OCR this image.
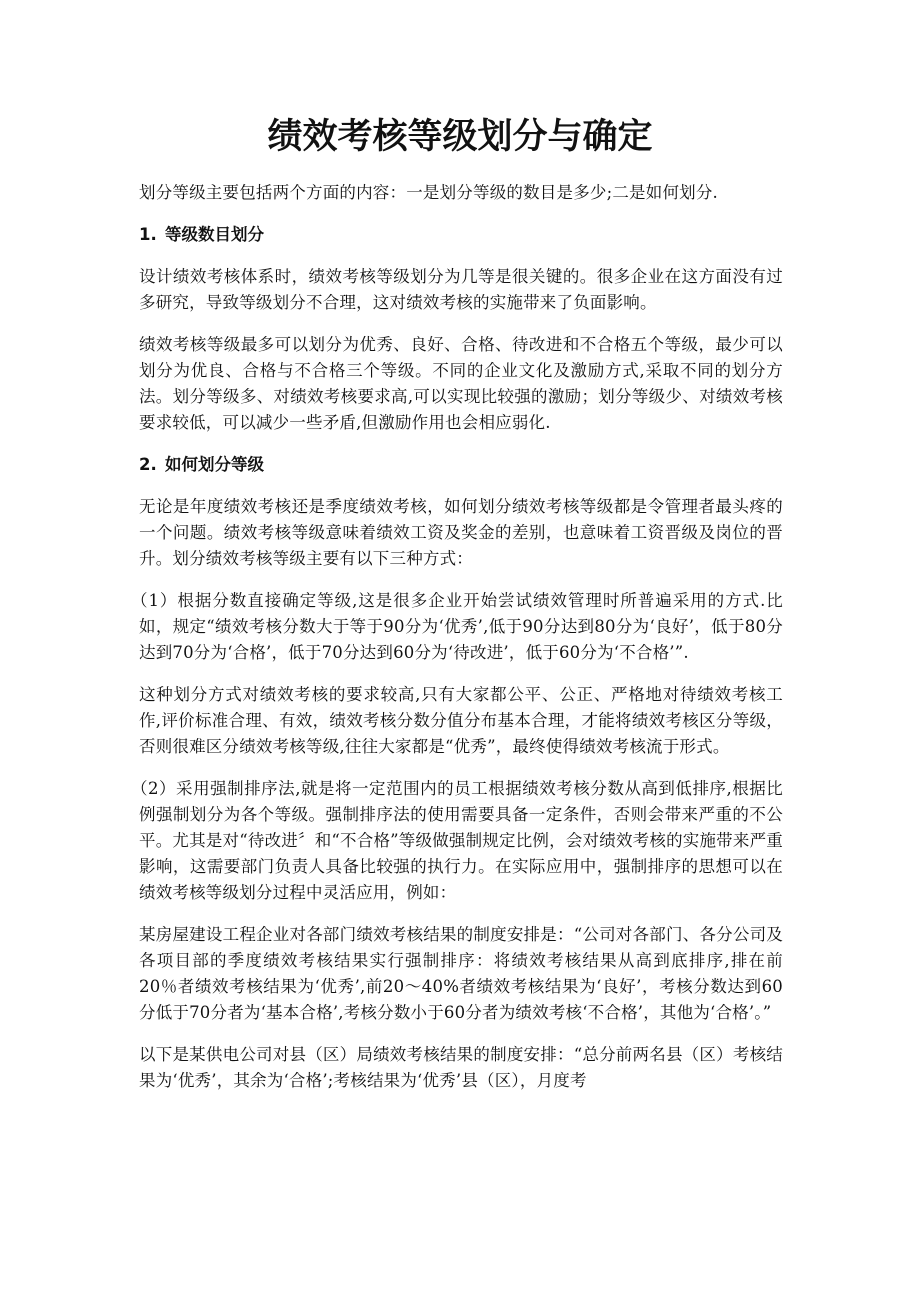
绩效考核等级划分与确定

划分等级主要包括两个方面的内容：一是划分等级的数目是多少;二是如何划分.

1. 等级数目划分

设计绩效考核体系时，绩效考核等级划分为几等是很关键的。很多企业在这方面没有过多研究，导致等级划分不合理，这对绩效考核的实施带来了负面影响。

绩效考核等级最多可以划分为优秀、良好、合格、待改进和不合格五个等级，最少可以划分为优良、合格与不合格三个等级。不同的企业文化及激励方式,采取不同的划分方法。划分等级多、对绩效考核要求高,可以实现比较强的激励；划分等级少、对绩效考核要求较低，可以减少一些矛盾,但激励作用也会相应弱化.

2. 如何划分等级

无论是年度绩效考核还是季度绩效考核，如何划分绩效考核等级都是令管理者最头疼的一个问题。绩效考核等级意味着绩效工资及奖金的差别，也意味着工资晋级及岗位的晋升。划分绩效考核等级主要有以下三种方式：

（1）根据分数直接确定等级,这是很多企业开始尝试绩效管理时所普遍采用的方式.比如，规定“绩效考核分数大于等于90分为‘优秀’,低于90分达到80分为‘良好’，低于80分达到70分为‘合格’，低于70分达到60分为‘待改进’，低于60分为‘不合格’”.

这种划分方式对绩效考核的要求较高,只有大家都公平、公正、严格地对待绩效考核工作,评价标准合理、有效，绩效考核分数分值分布基本合理，才能将绩效考核区分等级，否则很难区分绩效考核等级,往往大家都是“优秀”，最终使得绩效考核流于形式。

（2）采用强制排序法,就是将一定范围内的员工根据绩效考核分数从高到低排序,根据比例强制划分为各个等级。强制排序法的使用需要具备一定条件，否则会带来严重的不公平。尤其是对“待改进〞和“不合格”等级做强制规定比例，会对绩效考核的实施带来严重影响，这需要部门负责人具备比较强的执行力。在实际应用中，强制排序的思想可以在绩效考核等级划分过程中灵活应用，例如：

某房屋建设工程企业对各部门绩效考核结果的制度安排是：“公司对各部门、各分公司及各项目部的季度绩效考核结果实行强制排序：将绩效考核结果从高到底排序,排在前20％者绩效考核结果为‘优秀’,前20～40%者绩效考核结果为‘良好’，考核分数达到60分低于70分者为‘基本合格’,考核分数小于60分者为绩效考核‘不合格’，其他为‘合格’。”

以下是某供电公司对县（区）局绩效考核结果的制度安排：“总分前两名县（区）考核结果为‘优秀’，其余为‘合格’;考核结果为‘优秀’县（区），月度考
